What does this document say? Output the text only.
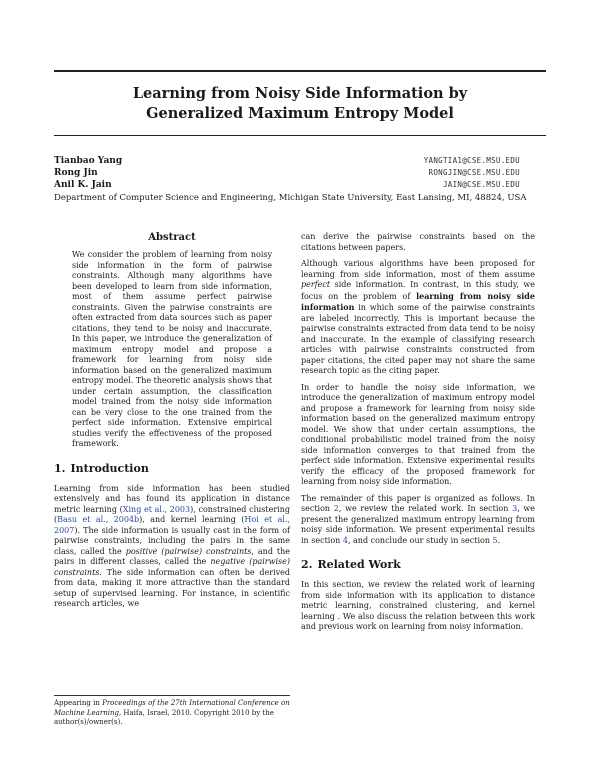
Learning from Noisy Side Information by
Generalized Maximum Entropy Model
Tianbao Yang	YANGTIA1@CSE.MSU.EDU
Rong Jin	RONGJIN@CSE.MSU.EDU
Anil K. Jain	JAIN@CSE.MSU.EDU
Department of Computer Science and Engineering, Michigan State University, East Lansing, MI, 48824, USA
Abstract
We consider the problem of learning from noisy side information in the form of pairwise constraints. Although many algorithms have been developed to learn from side information, most of them assume perfect pairwise constraints. Given the pairwise constraints are often extracted from data sources such as paper citations, they tend to be noisy and inaccurate. In this paper, we introduce the generalization of maximum entropy model and propose a framework for learning from noisy side information based on the generalized maximum entropy model. The theoretic analysis shows that under certain assumption, the classification model trained from the noisy side information can be very close to the one trained from the perfect side information. Extensive empirical studies verify the effectiveness of the proposed framework.
1. Introduction

Learning from side information has been studied extensively and has found its application in distance metric learning (Xing et al., 2003), constrained clustering (Basu et al., 2004b), and kernel learning (Hoi et al., 2007). The side information is usually cast in the form of pairwise constraints, including the pairs in the same class, called the positive (pairwise) constraints, and the pairs in different classes, called the negative (pairwise) constraints. The side information can often be derived from data, making it more attractive than the standard setup of supervised learning. For instance, in scientific research articles, we

Appearing in Proceedings of the 27th International Conference on Machine Learning, Haifa, Israel, 2010. Copyright 2010 by the author(s)/owner(s).

can derive the pairwise constraints based on the citations between papers.

Although various algorithms have been proposed for learning from side information, most of them assume perfect side information. In contrast, in this study, we focus on the problem of learning from noisy side information in which some of the pairwise constraints are labeled incorrectly. This is important because the pairwise constraints extracted from data tend to be noisy and inaccurate. In the example of classifying research articles with pairwise constraints constructed from paper citations, the cited paper may not share the same research topic as the citing paper.

In order to handle the noisy side information, we introduce the generalization of maximum entropy model and propose a framework for learning from noisy side information based on the generalized maximum entropy model. We show that under certain assumptions, the conditional probabilistic model trained from the noisy side information converges to that trained from the perfect side information. Extensive experimental results verify the efficacy of the proposed framework for learning from noisy side information.

The remainder of this paper is organized as follows. In section 2, we review the related work. In section 3, we present the generalized maximum entropy learning from noisy side information. We present experimental results in section 4, and conclude our study in section 5.

2. Related Work

In this section, we review the related work of learning from side information with its application to distance metric learning, constrained clustering, and kernel learning . We also discuss the relation between this work and previous work on learning from noisy information.
